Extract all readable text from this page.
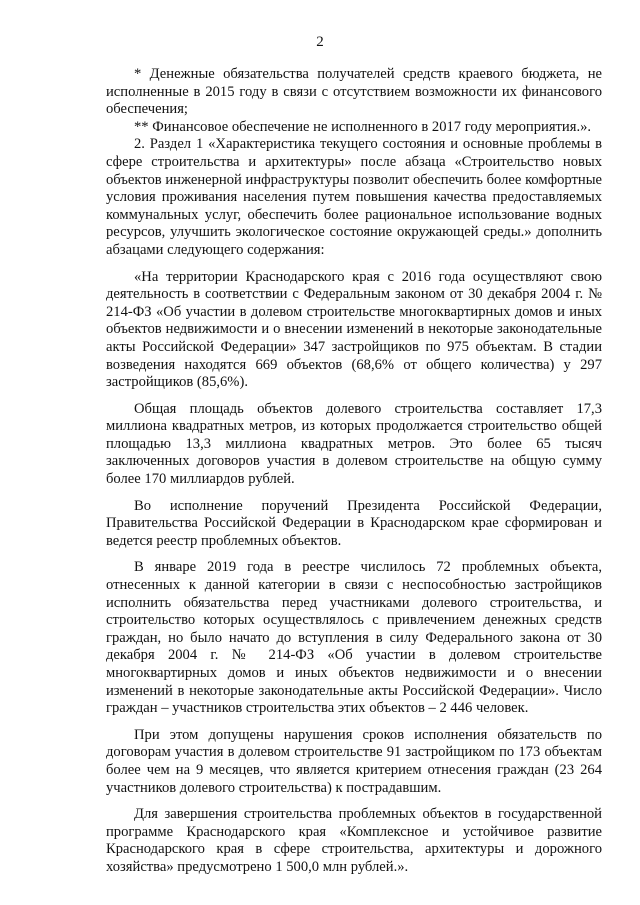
2

* Денежные обязательства получателей средств краевого бюджета, не исполненные в 2015 году в связи с отсутствием возможности их финансового обеспечения;

** Финансовое обеспечение не исполненного в 2017 году мероприятия.».

2. Раздел 1 «Характеристика текущего состояния и основные проблемы в сфере строительства и архитектуры» после абзаца «Строительство новых объектов инженерной инфраструктуры позволит обеспечить более комфортные условия проживания населения путем повышения качества предоставляемых коммунальных услуг, обеспечить более рациональное использование водных ресурсов, улучшить экологическое состояние окружающей среды.» дополнить абзацами следующего содержания:

«На территории Краснодарского края с 2016 года осуществляют свою деятельность в соответствии с Федеральным законом от 30 декабря 2004 г. № 214-ФЗ «Об участии в долевом строительстве многоквартирных домов и иных объектов недвижимости и о внесении изменений в некоторые законодательные акты Российской Федерации» 347 застройщиков по 975 объектам. В стадии возведения находятся 669 объектов (68,6% от общего количества) у 297 застройщиков (85,6%).

Общая площадь объектов долевого строительства составляет 17,3 миллиона квадратных метров, из которых продолжается строительство общей площадью 13,3 миллиона квадратных метров. Это более 65 тысяч заключенных договоров участия в долевом строительстве на общую сумму более 170 миллиардов рублей.

Во исполнение поручений Президента Российской Федерации, Правительства Российской Федерации в Краснодарском крае сформирован и ведется реестр проблемных объектов.

В январе 2019 года в реестре числилось 72 проблемных объекта, отнесенных к данной категории в связи с неспособностью застройщиков исполнить обязательства перед участниками долевого строительства, и строительство которых осуществлялось с привлечением денежных средств граждан, но было начато до вступления в силу Федерального закона от 30 декабря 2004 г. № 214-ФЗ «Об участии в долевом строительстве многоквартирных домов и иных объектов недвижимости и о внесении изменений в некоторые законодательные акты Российской Федерации». Число граждан – участников строительства этих объектов – 2 446 человек.

При этом допущены нарушения сроков исполнения обязательств по договорам участия в долевом строительстве 91 застройщиком по 173 объектам более чем на 9 месяцев, что является критерием отнесения граждан (23 264 участников долевого строительства) к пострадавшим.

Для завершения строительства проблемных объектов в государственной программе Краснодарского края «Комплексное и устойчивое развитие Краснодарского края в сфере строительства, архитектуры и дорожного хозяйства» предусмотрено 1 500,0 млн рублей.».
